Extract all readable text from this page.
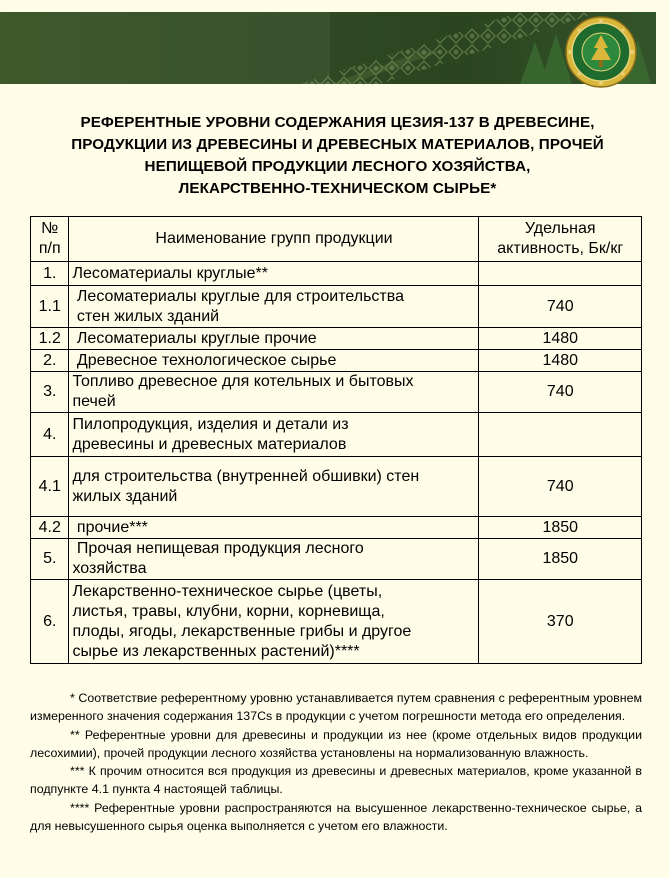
РЕФЕРЕНТНЫЕ УРОВНИ СОДЕРЖАНИЯ ЦЕЗИЯ-137 В ДРЕВЕСИНЕ,
ПРОДУКЦИИ ИЗ ДРЕВЕСИНЫ И ДРЕВЕСНЫХ МАТЕРИАЛОВ, ПРОЧЕЙ
НЕПИЩЕВОЙ ПРОДУКЦИИ ЛЕСНОГО ХОЗЯЙСТВА,
ЛЕКАРСТВЕННО-ТЕХНИЧЕСКОМ СЫРЬЕ*
№
п/п	Наименование групп продукции	Удельная
активность, Бк/кг

1.	Лесоматериалы круглые**	

1.1	Лесоматериалы круглые для строительства
стен жилых зданий	740
1.2	Лесоматериалы круглые прочие	1480
2.	Древесное технологическое сырье	1480
3.	Топливо древесное для котельных и бытовых
печей	740
4.	Пилопродукция, изделия и детали из
древесины и древесных материалов	

4.1	для строительства (внутренней обшивки) стен
жилых зданий	740
4.2	прочие***	1850
5.	Прочая непищевая продукция лесного
хозяйства	1850
6.	Лекарственно-техническое сырье (цветы,
листья, травы, клубни, корни, корневища,
плоды, ягоды, лекарственные грибы и другое
сырье из лекарственных растений)****	370

* Соответствие референтному уровню устанавливается путем сравнения с референтным уровнем измеренного значения содержания 137Cs в продукции с учетом погрешности метода его определения.

** Референтные уровни для древесины и продукции из нее (кроме отдельных видов продукции лесохимии), прочей продукции лесного хозяйства установлены на нормализованную влажность.

*** К прочим относится вся продукция из древесины и древесных материалов, кроме указанной в подпункте 4.1 пункта 4 настоящей таблицы.

**** Референтные уровни распространяются на высушенное лекарственно-техническое сырье, а для невысушенного сырья оценка выполняется с учетом его влажности.
